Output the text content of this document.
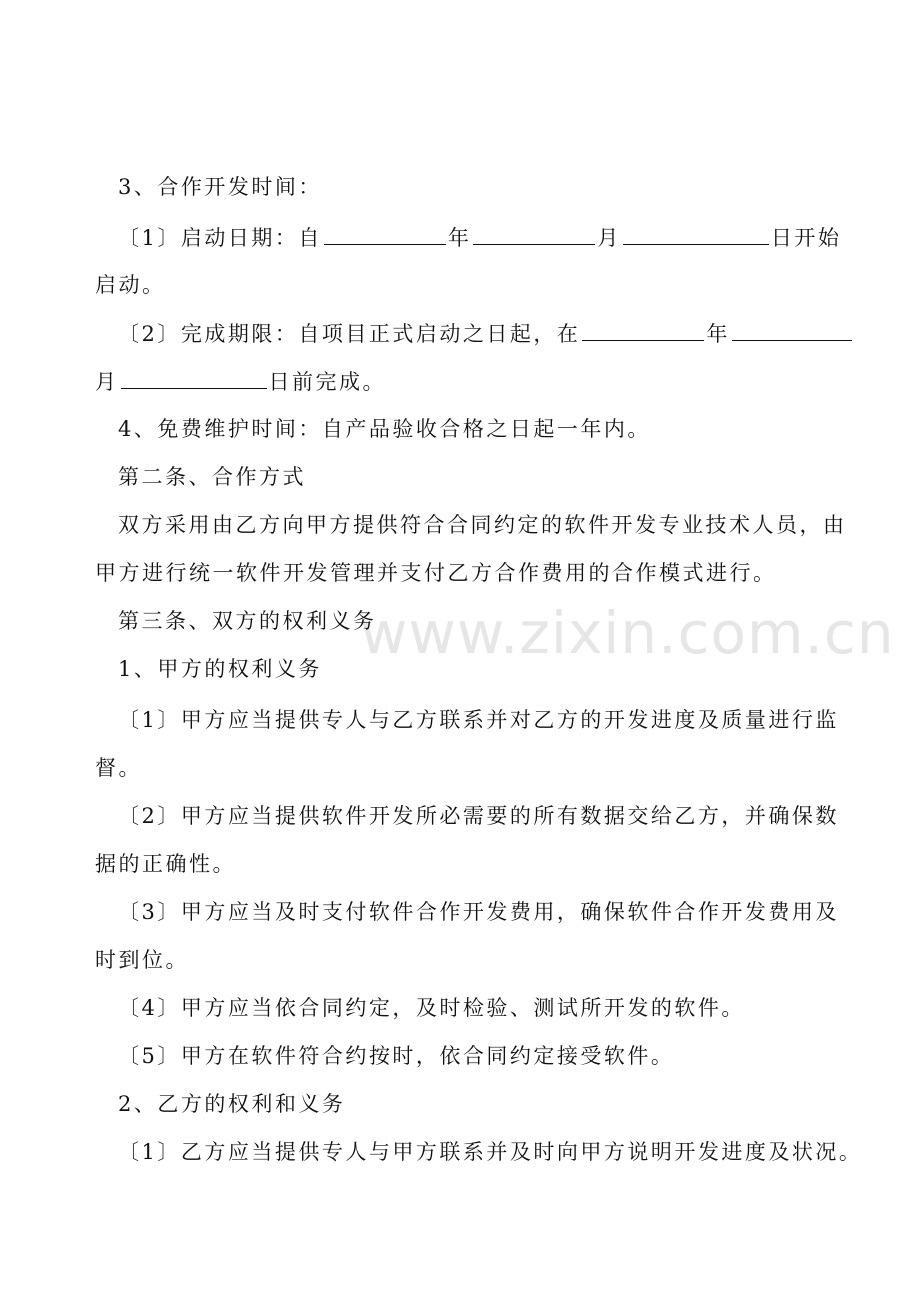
www.zixin.com.cn
3、合作开发时间：
〔1〕启动日期：自	年	月	日开始
启动。
〔2〕完成期限：自项目正式启动之日起，在	年
月	日前完成。
4、免费维护时间：自产品验收合格之日起一年内。
第二条、合作方式
双方采用由乙方向甲方提供符合合同约定的软件开发专业技术人员，由
甲方进行统一软件开发管理并支付乙方合作费用的合作模式进行。
第三条、双方的权利义务
1、甲方的权利义务
〔1〕甲方应当提供专人与乙方联系并对乙方的开发进度及质量进行监
督。
〔2〕甲方应当提供软件开发所必需要的所有数据交给乙方，并确保数
据的正确性。
〔3〕甲方应当及时支付软件合作开发费用，确保软件合作开发费用及
时到位。
〔4〕甲方应当依合同约定，及时检验、测试所开发的软件。
〔5〕甲方在软件符合约按时，依合同约定接受软件。
2、乙方的权利和义务
〔1〕乙方应当提供专人与甲方联系并及时向甲方说明开发进度及状况。
